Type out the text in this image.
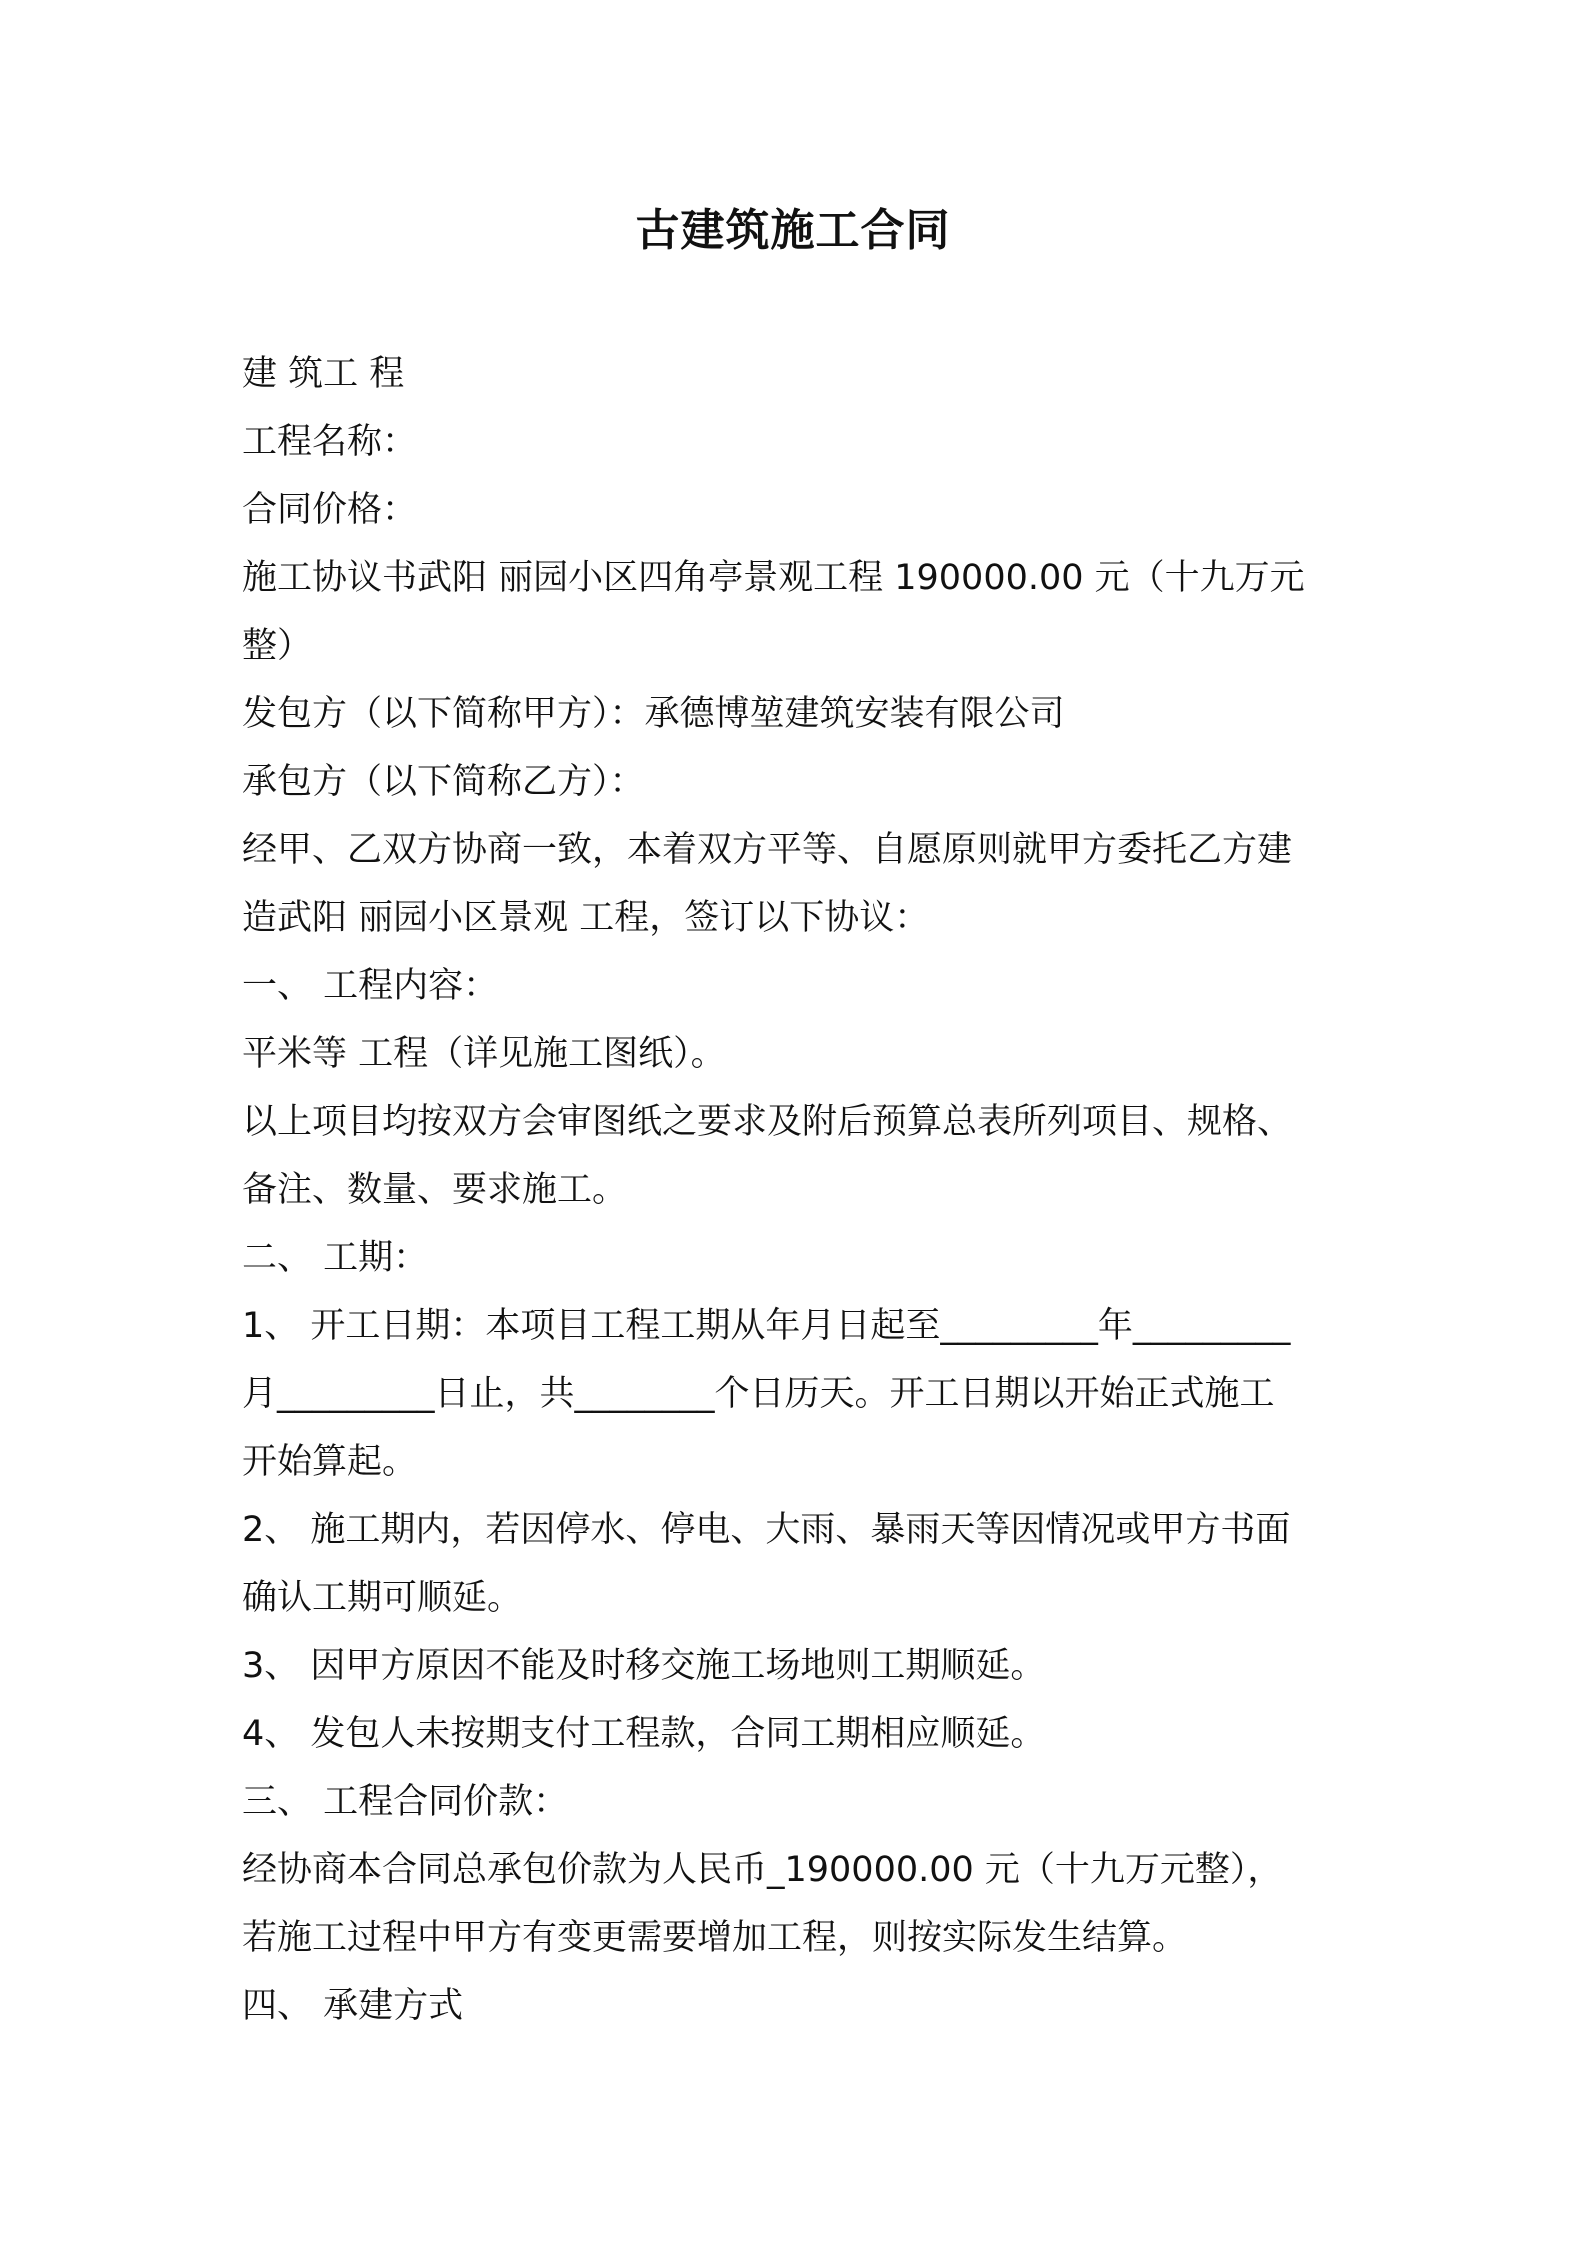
古建筑施工合同
建 筑工 程
工程名称：
合同价格：
施工协议书武阳 丽园小区四角亭景观工程 190000.00 元（十九万元
整）
发包方（以下简称甲方）：承德博堃建筑安装有限公司
承包方（以下简称乙方）：
经甲、乙双方协商一致，本着双方平等、自愿原则就甲方委托乙方建
造武阳 丽园小区景观 工程，签订以下协议：
一、 工程内容：
平米等 工程（详见施工图纸）。
以上项目均按双方会审图纸之要求及附后预算总表所列项目、规格、
备注、数量、要求施工。
二、 工期：
1、 开工日期：本项目工程工期从年月日起至_________年_________
月_________日止，共________个日历天。开工日期以开始正式施工
开始算起。
2、 施工期内，若因停水、停电、大雨、暴雨天等因情况或甲方书面
确认工期可顺延。
3、 因甲方原因不能及时移交施工场地则工期顺延。
4、 发包人未按期支付工程款，合同工期相应顺延。
三、 工程合同价款：
经协商本合同总承包价款为人民币_190000.00 元（十九万元整），
若施工过程中甲方有变更需要增加工程，则按实际发生结算。
四、 承建方式
